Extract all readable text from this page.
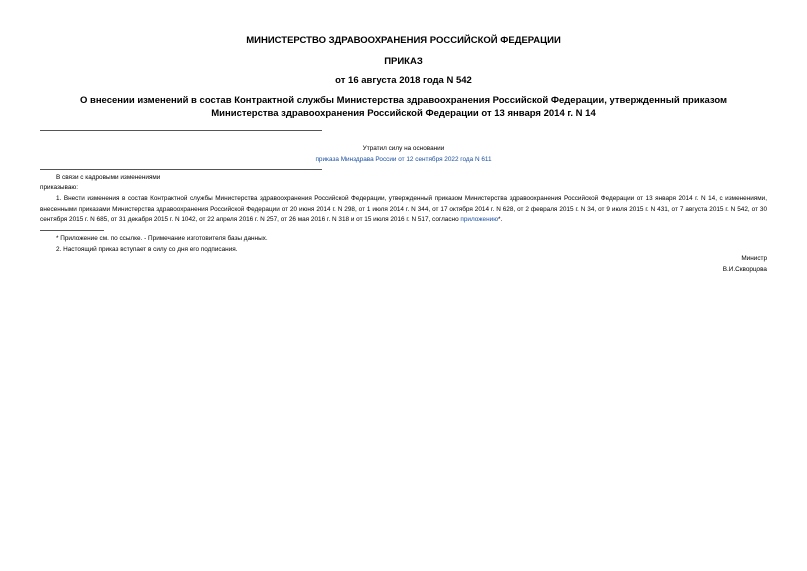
МИНИСТЕРСТВО ЗДРАВООХРАНЕНИЯ РОССИЙСКОЙ ФЕДЕРАЦИИ
ПРИКАЗ
от 16 августа 2018 года N 542
О внесении изменений в состав Контрактной службы Министерства здравоохранения Российской Федерации, утвержденный приказом Министерства здравоохранения Российской Федерации от 13 января 2014 г. N 14
Утратил силу на основании
приказа Минздрава России от 12 сентября 2022 года N 611
В связи с кадровыми изменениями
приказываю:

1. Внести изменения в состав Контрактной службы Министерства здравоохранения Российской Федерации, утвержденный приказом Министерства здравоохранения Российской Федерации от 13 января 2014 г. N 14, с изменениями, внесенными приказами Министерства здравоохранения Российской Федерации от 20 июня 2014 г. N 298, от 1 июля 2014 г. N 344, от 17 октября 2014 г. N 628, от 2 февраля 2015 г. N 34, от 9 июля 2015 г. N 431, от 7 августа 2015 г. N 542, от 30 сентября 2015 г. N 685, от 31 декабря 2015 г. N 1042, от 22 апреля 2016 г. N 257, от 26 мая 2016 г. N 318 и от 15 июля 2016 г. N 517, согласно приложению*.

* Приложение см. по ссылке. - Примечание изготовителя базы данных.
2. Настоящий приказ вступает в силу со дня его подписания.
Министр
В.И.Скворцова
